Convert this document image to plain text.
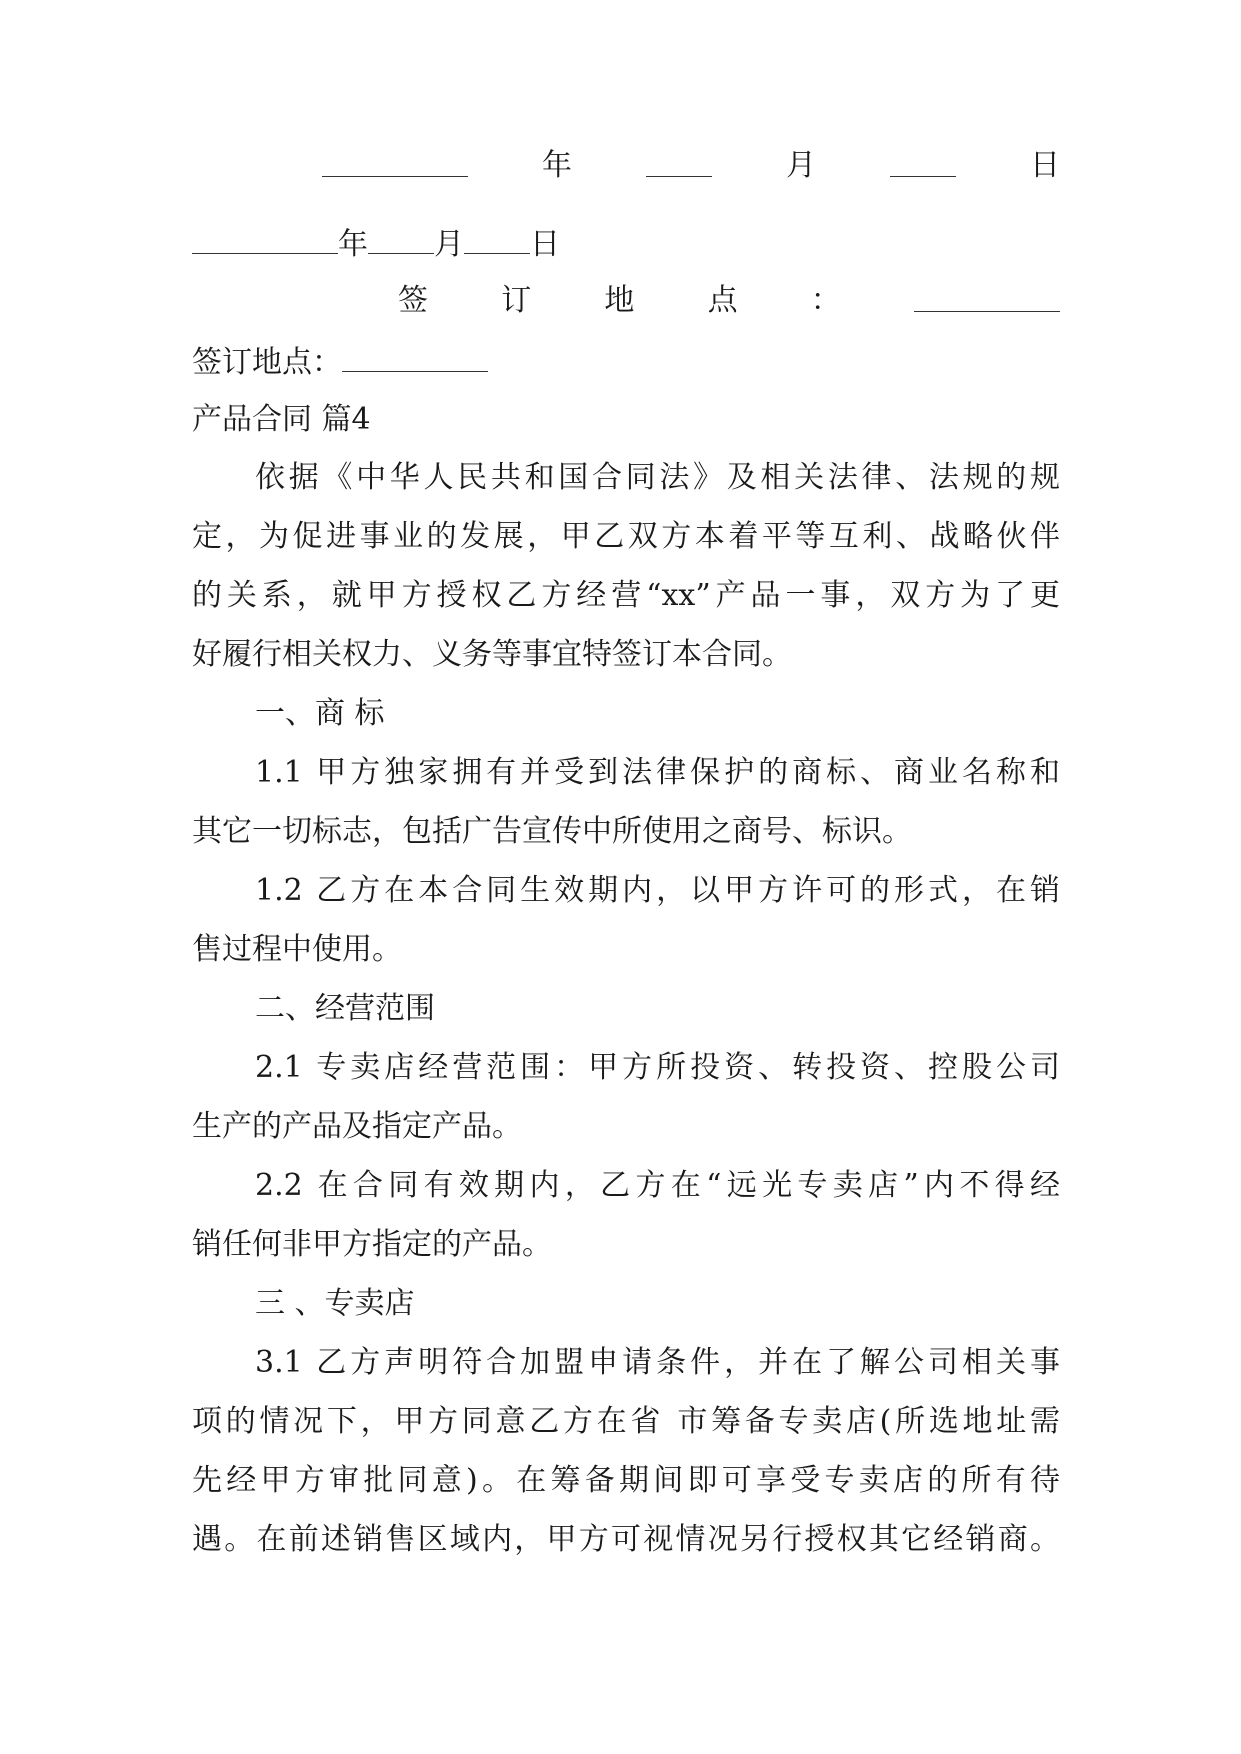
年	月	日
年 月 日
签 订 地 点 ：
签订地点：
产品合同 篇4
依据《中华人民共和国合同法》及相关法律、法规的规
定，为促进事业的发展，甲乙双方本着平等互利、战略伙伴
的关系，就甲方授权乙方经营“xx”产品一事，双方为了更
好履行相关权力、义务等事宜特签订本合同。
一、商 标
1.1 甲方独家拥有并受到法律保护的商标、商业名称和
其它一切标志，包括广告宣传中所使用之商号、标识。
1.2 乙方在本合同生效期内，以甲方许可的形式，在销
售过程中使用。
二、经营范围
2.1 专卖店经营范围：甲方所投资、转投资、控股公司
生产的产品及指定产品。
2.2 在合同有效期内，乙方在“远光专卖店”内不得经
销任何非甲方指定的产品。
三 、专卖店
3.1 乙方声明符合加盟申请条件，并在了解公司相关事
项的情况下，甲方同意乙方在省 市筹备专卖店(所选地址需
先经甲方审批同意)。在筹备期间即可享受专卖店的所有待
遇。在前述销售区域内，甲方可视情况另行授权其它经销商。
